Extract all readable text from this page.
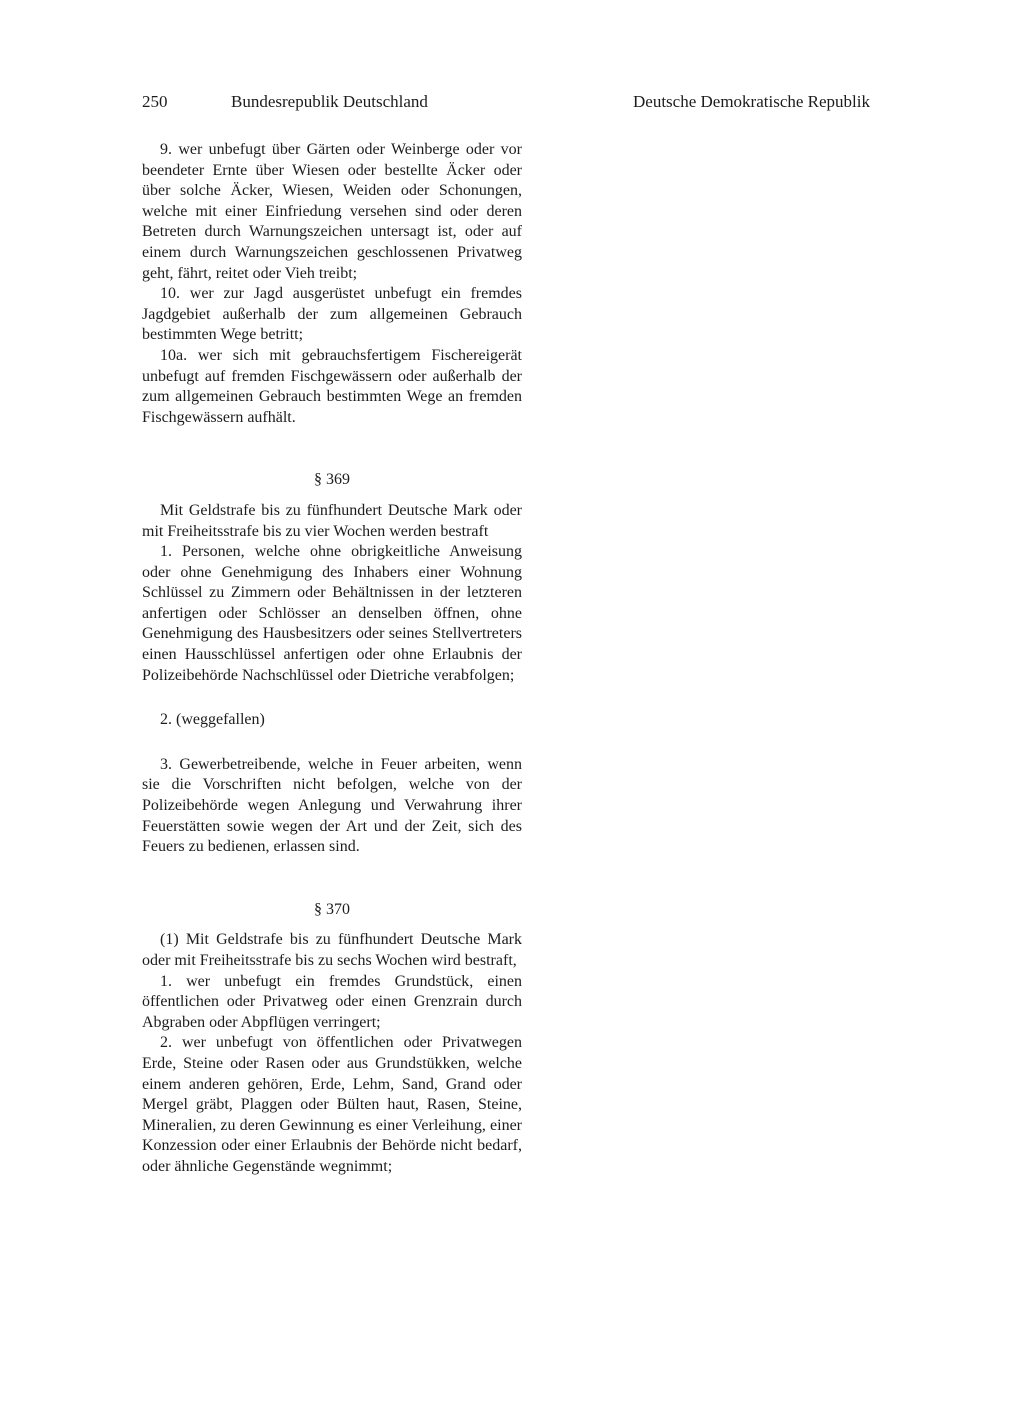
250	Bundesrepublik Deutschland	Deutsche Demokratische Republik

9. wer unbefugt über Gärten oder Weinberge oder vor beendeter Ernte über Wiesen oder bestellte Äcker oder über solche Äcker, Wiesen, Weiden oder Schonungen, welche mit einer Einfriedung versehen sind oder deren Betreten durch Warnungszeichen untersagt ist, oder auf einem durch Warnungszeichen geschlossenen Privatweg geht, fährt, reitet oder Vieh treibt;

10. wer zur Jagd ausgerüstet unbefugt ein fremdes Jagdgebiet außerhalb der zum allgemeinen Gebrauch bestimmten Wege betritt;

10a. wer sich mit gebrauchsfertigem Fischereigerät unbefugt auf fremden Fischgewässern oder außerhalb der zum allgemeinen Gebrauch bestimmten Wege an fremden Fischgewässern aufhält.

§ 369

Mit Geldstrafe bis zu fünfhundert Deutsche Mark oder mit Freiheitsstrafe bis zu vier Wochen werden bestraft

1. Personen, welche ohne obrigkeitliche Anweisung oder ohne Genehmigung des Inhabers einer Wohnung Schlüssel zu Zimmern oder Behältnissen in der letzteren anfertigen oder Schlösser an denselben öffnen, ohne Genehmigung des Hausbesitzers oder seines Stellvertreters einen Hausschlüssel anfertigen oder ohne Erlaubnis der Polizeibehörde Nachschlüssel oder Dietriche verabfolgen;

2. (weggefallen)

3. Gewerbetreibende, welche in Feuer arbeiten, wenn sie die Vorschriften nicht befolgen, welche von der Polizeibehörde wegen Anlegung und Verwahrung ihrer Feuerstätten sowie wegen der Art und der Zeit, sich des Feuers zu bedienen, erlassen sind.

§ 370

(1) Mit Geldstrafe bis zu fünfhundert Deutsche Mark oder mit Freiheitsstrafe bis zu sechs Wochen wird bestraft,

1. wer unbefugt ein fremdes Grundstück, einen öffentlichen oder Privatweg oder einen Grenzrain durch Abgraben oder Abpflügen verringert;

2. wer unbefugt von öffentlichen oder Privatwegen Erde, Steine oder Rasen oder aus Grundstükken, welche einem anderen gehören, Erde, Lehm, Sand, Grand oder Mergel gräbt, Plaggen oder Bülten haut, Rasen, Steine, Mineralien, zu deren Gewinnung es einer Verleihung, einer Konzession oder einer Erlaubnis der Behörde nicht bedarf, oder ähnliche Gegenstände wegnimmt;
